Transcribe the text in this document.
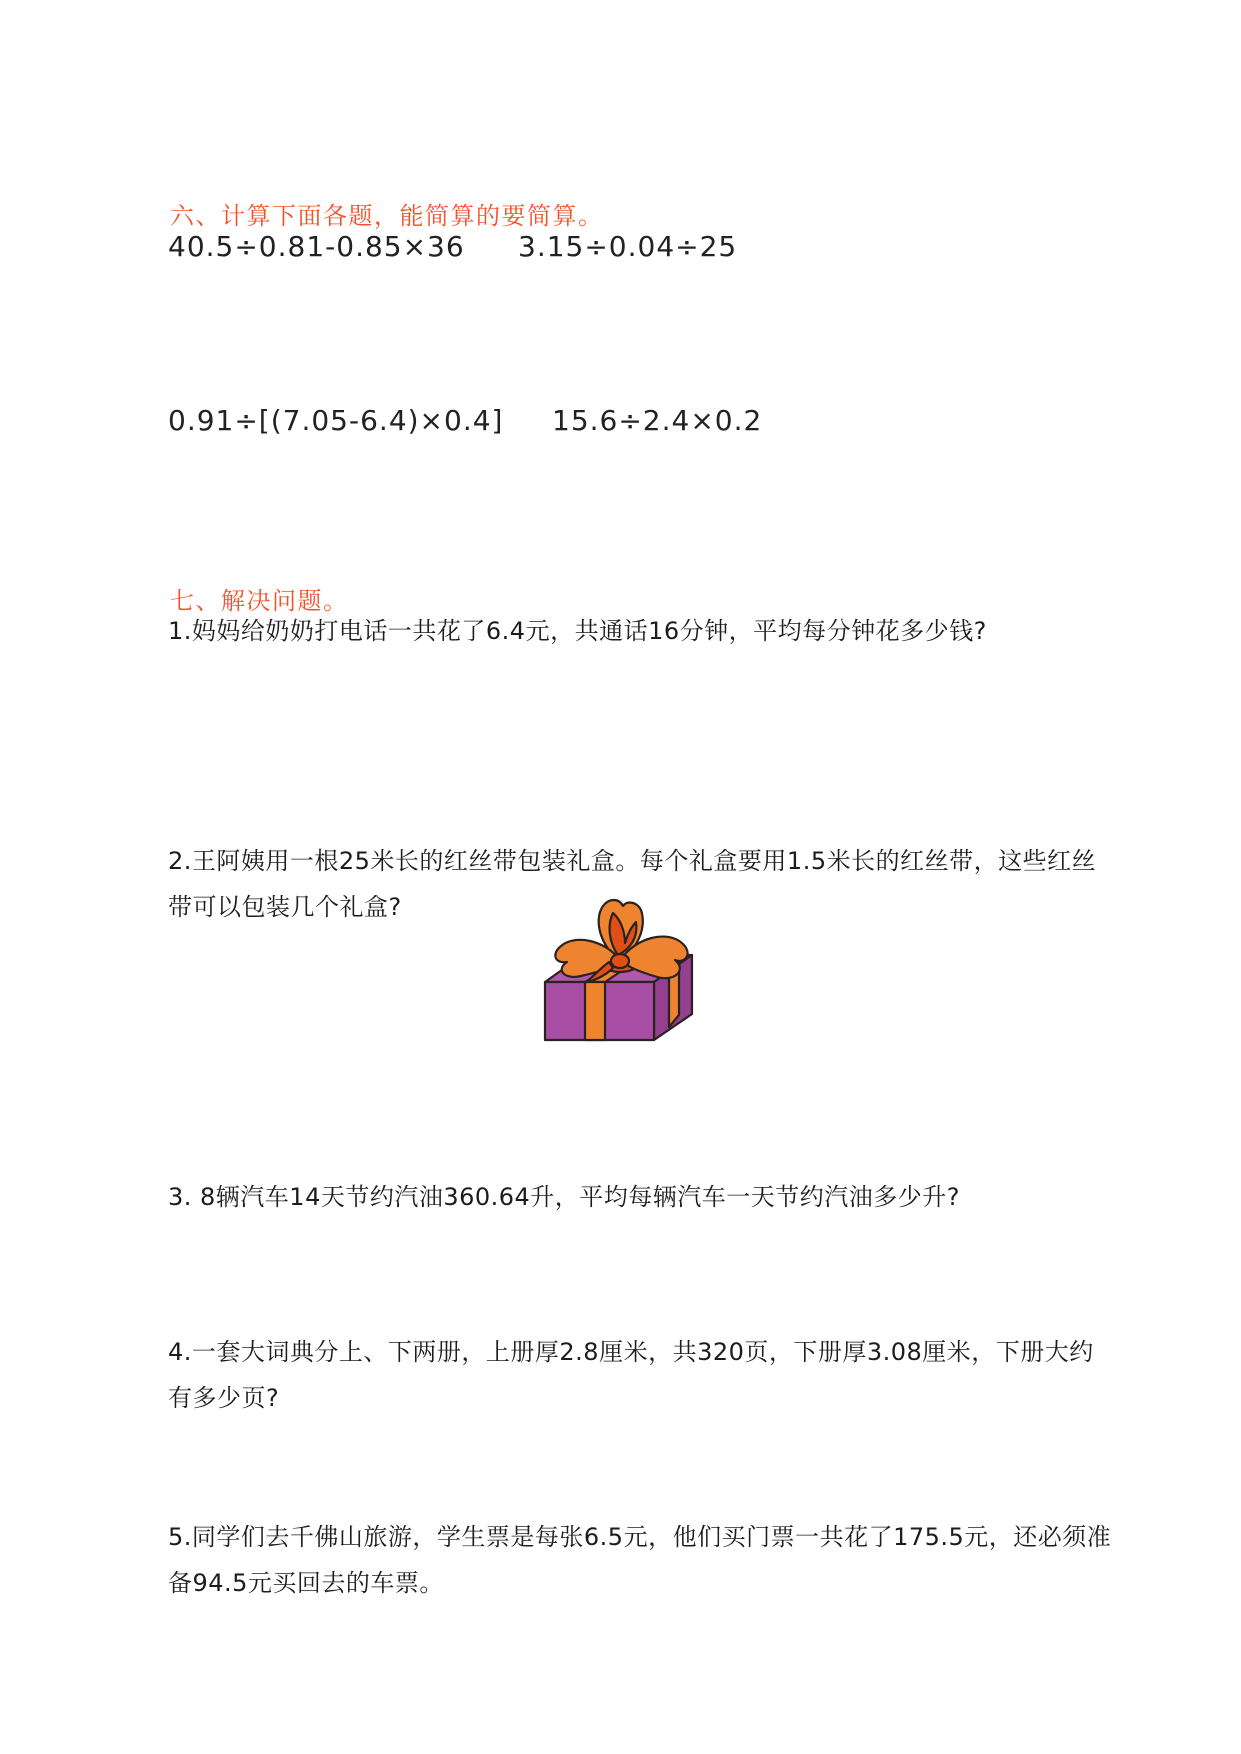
六、计算下面各题，能简算的要简算。
40.5÷0.81-0.85×36 3.15÷0.04÷25
0.91÷[(7.05-6.4)×0.4] 15.6÷2.4×0.2
七、解决问题。
1.妈妈给奶奶打电话一共花了6.4元，共通话16分钟，平均每分钟花多少钱?
2.王阿姨用一根25米长的红丝带包装礼盒。每个礼盒要用1.5米长的红丝带，这些红丝带可以包装几个礼盒?
3. 8辆汽车14天节约汽油360.64升，平均每辆汽车一天节约汽油多少升?
4.一套大词典分上、下两册，上册厚2.8厘米，共320页，下册厚3.08厘米，下册大约有多少页?
5.同学们去千佛山旅游，学生票是每张6.5元，他们买门票一共花了175.5元，还必须准备94.5元买回去的车票。
